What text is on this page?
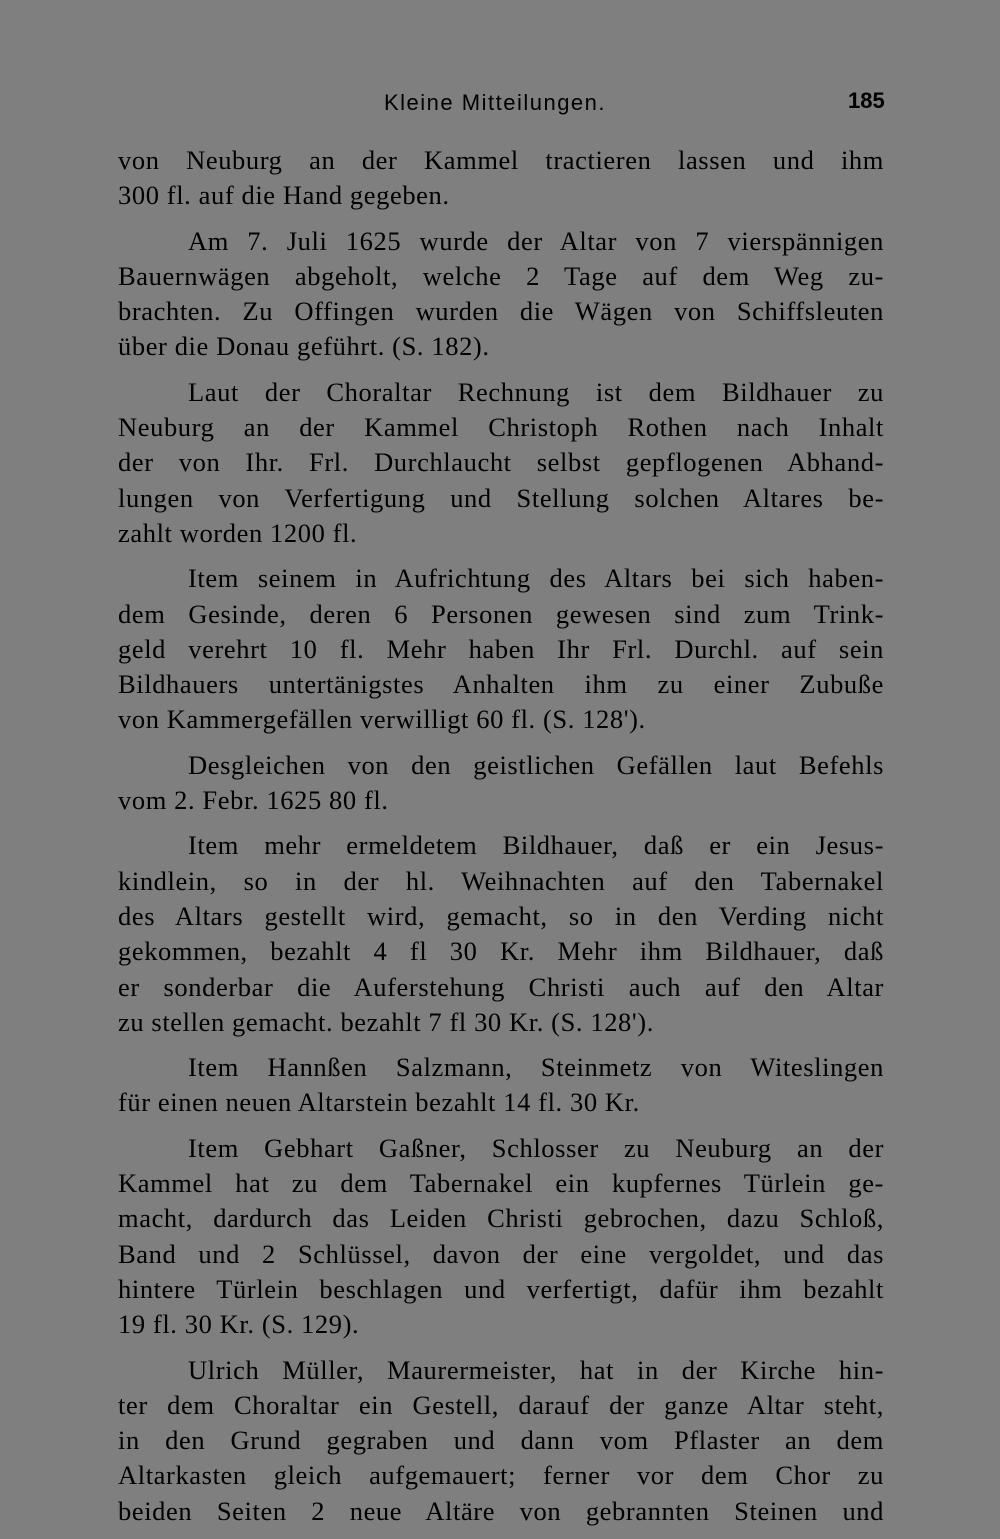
Kleine Mitteilungen.	185
von Neuburg an der Kammel tractieren lassen und ihm
300 fl. auf die Hand gegeben.
Am 7. Juli 1625 wurde der Altar von 7 vierspännigen
Bauernwägen abgeholt, welche 2 Tage auf dem Weg zu-
brachten. Zu Offingen wurden die Wägen von Schiffsleuten
über die Donau geführt. (S. 182).
Laut der Choraltar Rechnung ist dem Bildhauer zu
Neuburg an der Kammel Christoph Rothen nach Inhalt
der von Ihr. Frl. Durchlaucht selbst gepflogenen Abhand-
lungen von Verfertigung und Stellung solchen Altares be-
zahlt worden 1200 fl.
Item seinem in Aufrichtung des Altars bei sich haben-
dem Gesinde, deren 6 Personen gewesen sind zum Trink-
geld verehrt 10 fl. Mehr haben Ihr Frl. Durchl. auf sein
Bildhauers untertänigstes Anhalten ihm zu einer Zubuße
von Kammergefällen verwilligt 60 fl. (S. 128').
Desgleichen von den geistlichen Gefällen laut Befehls
vom 2. Febr. 1625 80 fl.
Item mehr ermeldetem Bildhauer, daß er ein Jesus-
kindlein, so in der hl. Weihnachten auf den Tabernakel
des Altars gestellt wird, gemacht, so in den Verding nicht
gekommen, bezahlt 4 fl 30 Kr. Mehr ihm Bildhauer, daß
er sonderbar die Auferstehung Christi auch auf den Altar
zu stellen gemacht. bezahlt 7 fl 30 Kr. (S. 128').
Item Hannßen Salzmann, Steinmetz von Witeslingen
für einen neuen Altarstein bezahlt 14 fl. 30 Kr.
Item Gebhart Gaßner, Schlosser zu Neuburg an der
Kammel hat zu dem Tabernakel ein kupfernes Türlein ge-
macht, dardurch das Leiden Christi gebrochen, dazu Schloß,
Band und 2 Schlüssel, davon der eine vergoldet, und das
hintere Türlein beschlagen und verfertigt, dafür ihm bezahlt
19 fl. 30 Kr. (S. 129).
Ulrich Müller, Maurermeister, hat in der Kirche hin-
ter dem Choraltar ein Gestell, darauf der ganze Altar steht,
in den Grund gegraben und dann vom Pflaster an dem
Altarkasten gleich aufgemauert; ferner vor dem Chor zu
beiden Seiten 2 neue Altäre von gebrannten Steinen und
